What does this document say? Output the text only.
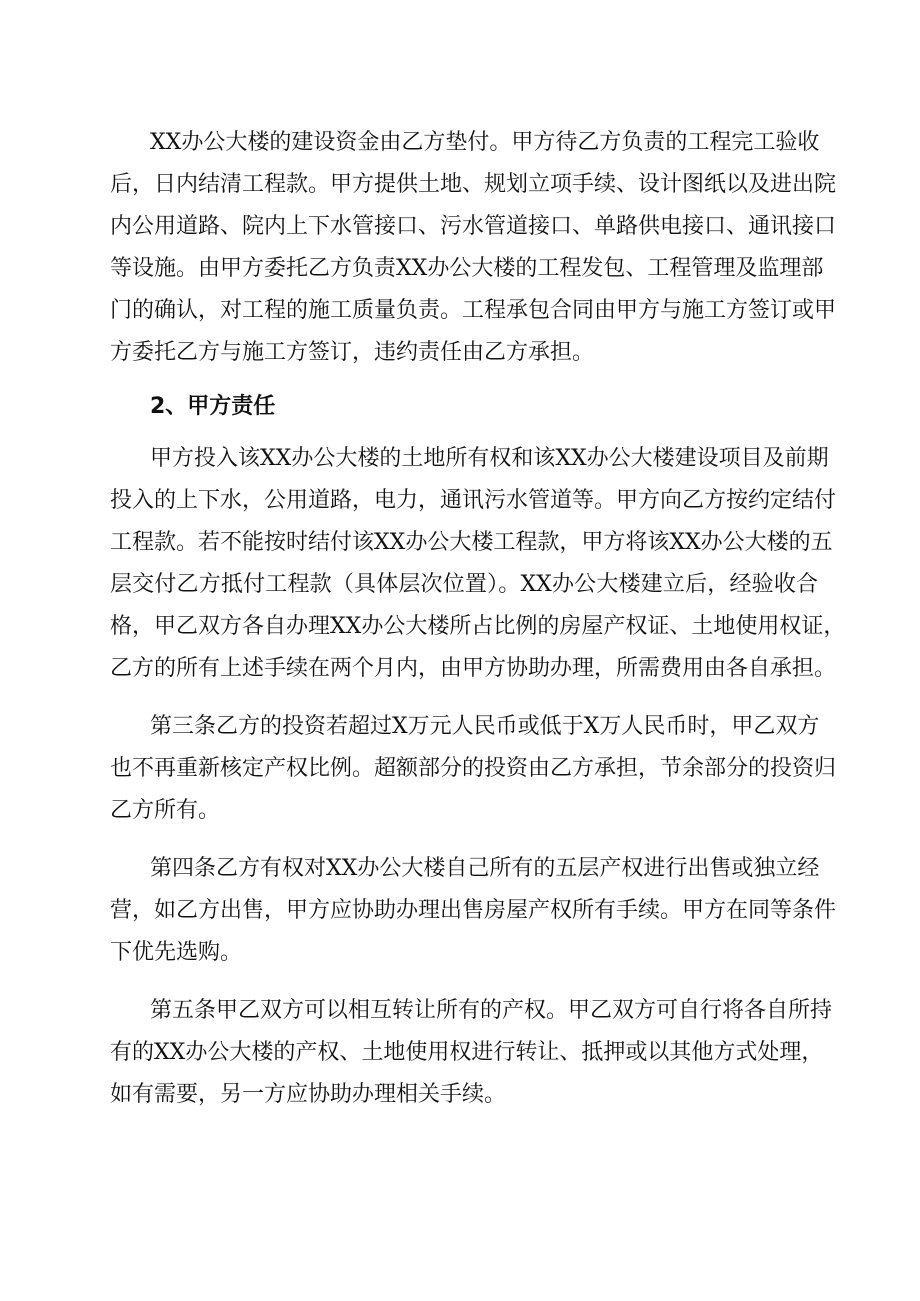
XX办公大楼的建设资金由乙方垫付。甲方待乙方负责的工程完工验收
后，日内结清工程款。甲方提供土地、规划立项手续、设计图纸以及进出院
内公用道路、院内上下水管接口、污水管道接口、单路供电接口、通讯接口
等设施。由甲方委托乙方负责XX办公大楼的工程发包、工程管理及监理部
门的确认，对工程的施工质量负责。工程承包合同由甲方与施工方签订或甲
方委托乙方与施工方签订，违约责任由乙方承担。
2、甲方责任
甲方投入该XX办公大楼的土地所有权和该XX办公大楼建设项目及前期
投入的上下水，公用道路，电力，通讯污水管道等。甲方向乙方按约定结付
工程款。若不能按时结付该XX办公大楼工程款，甲方将该XX办公大楼的五
层交付乙方抵付工程款（具体层次位置）。XX办公大楼建立后，经验收合
格，甲乙双方各自办理XX办公大楼所占比例的房屋产权证、土地使用权证，
乙方的所有上述手续在两个月内，由甲方协助办理，所需费用由各自承担。
第三条乙方的投资若超过X万元人民币或低于X万人民币时，甲乙双方
也不再重新核定产权比例。超额部分的投资由乙方承担，节余部分的投资归
乙方所有。
第四条乙方有权对XX办公大楼自己所有的五层产权进行出售或独立经
营，如乙方出售，甲方应协助办理出售房屋产权所有手续。甲方在同等条件
下优先选购。
第五条甲乙双方可以相互转让所有的产权。甲乙双方可自行将各自所持
有的XX办公大楼的产权、土地使用权进行转让、抵押或以其他方式处理，
如有需要，另一方应协助办理相关手续。
